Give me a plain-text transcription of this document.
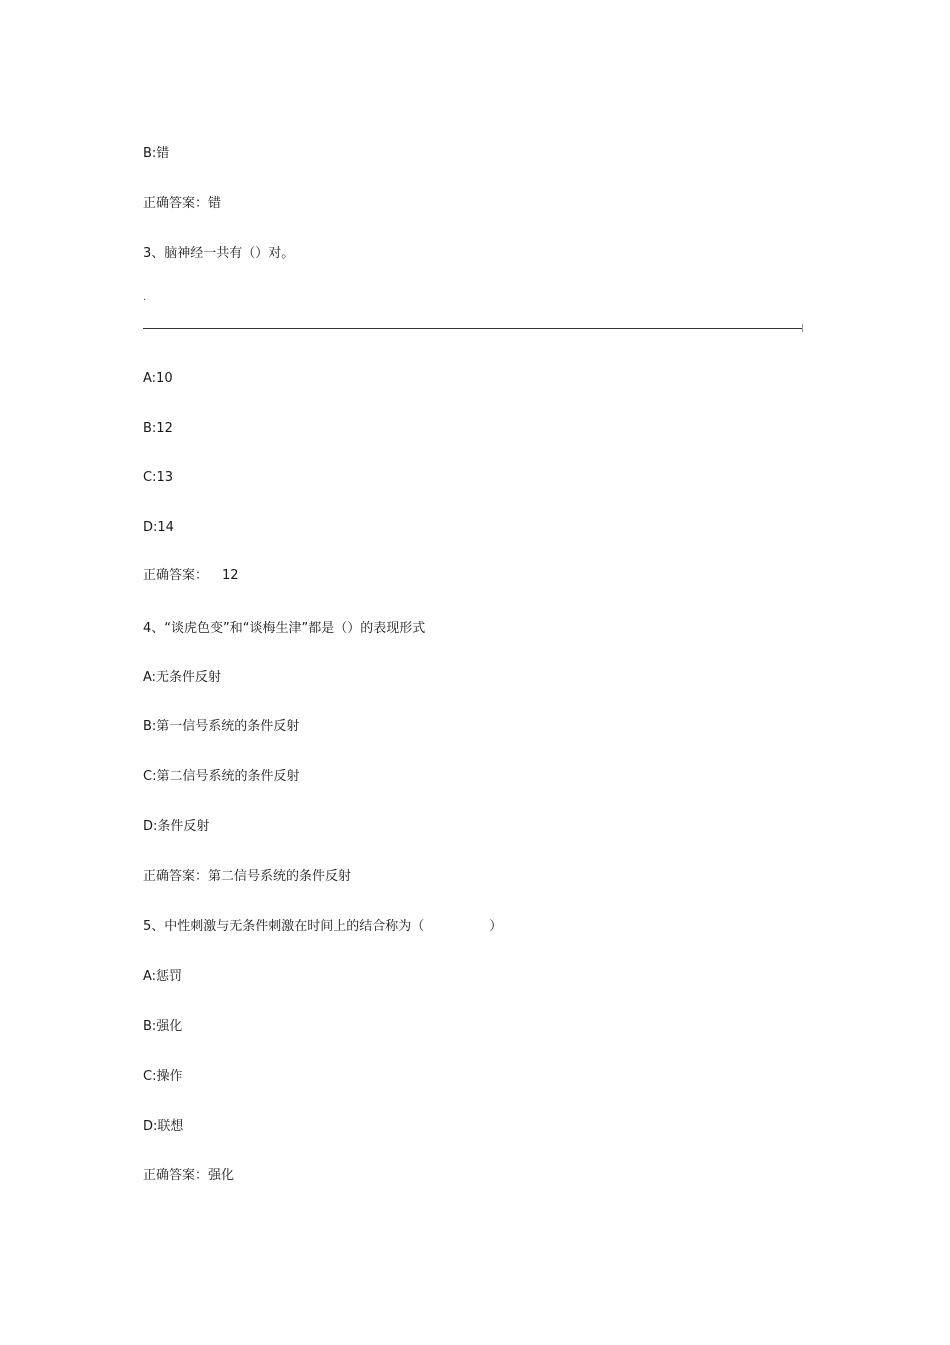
B:错
正确答案：错
3、脑神经一共有（）对。
.
A:10
B:12
C:13
D:14
正确答案： 12
4、“谈虎色变”和“谈梅生津”都是（）的表现形式
A:无条件反射
B:第一信号系统的条件反射
C:第二信号系统的条件反射
D:条件反射
正确答案：第二信号系统的条件反射
5、中性刺激与无条件刺激在时间上的结合称为（　　　　　）
A:惩罚
B:强化
C:操作
D:联想
正确答案：强化
